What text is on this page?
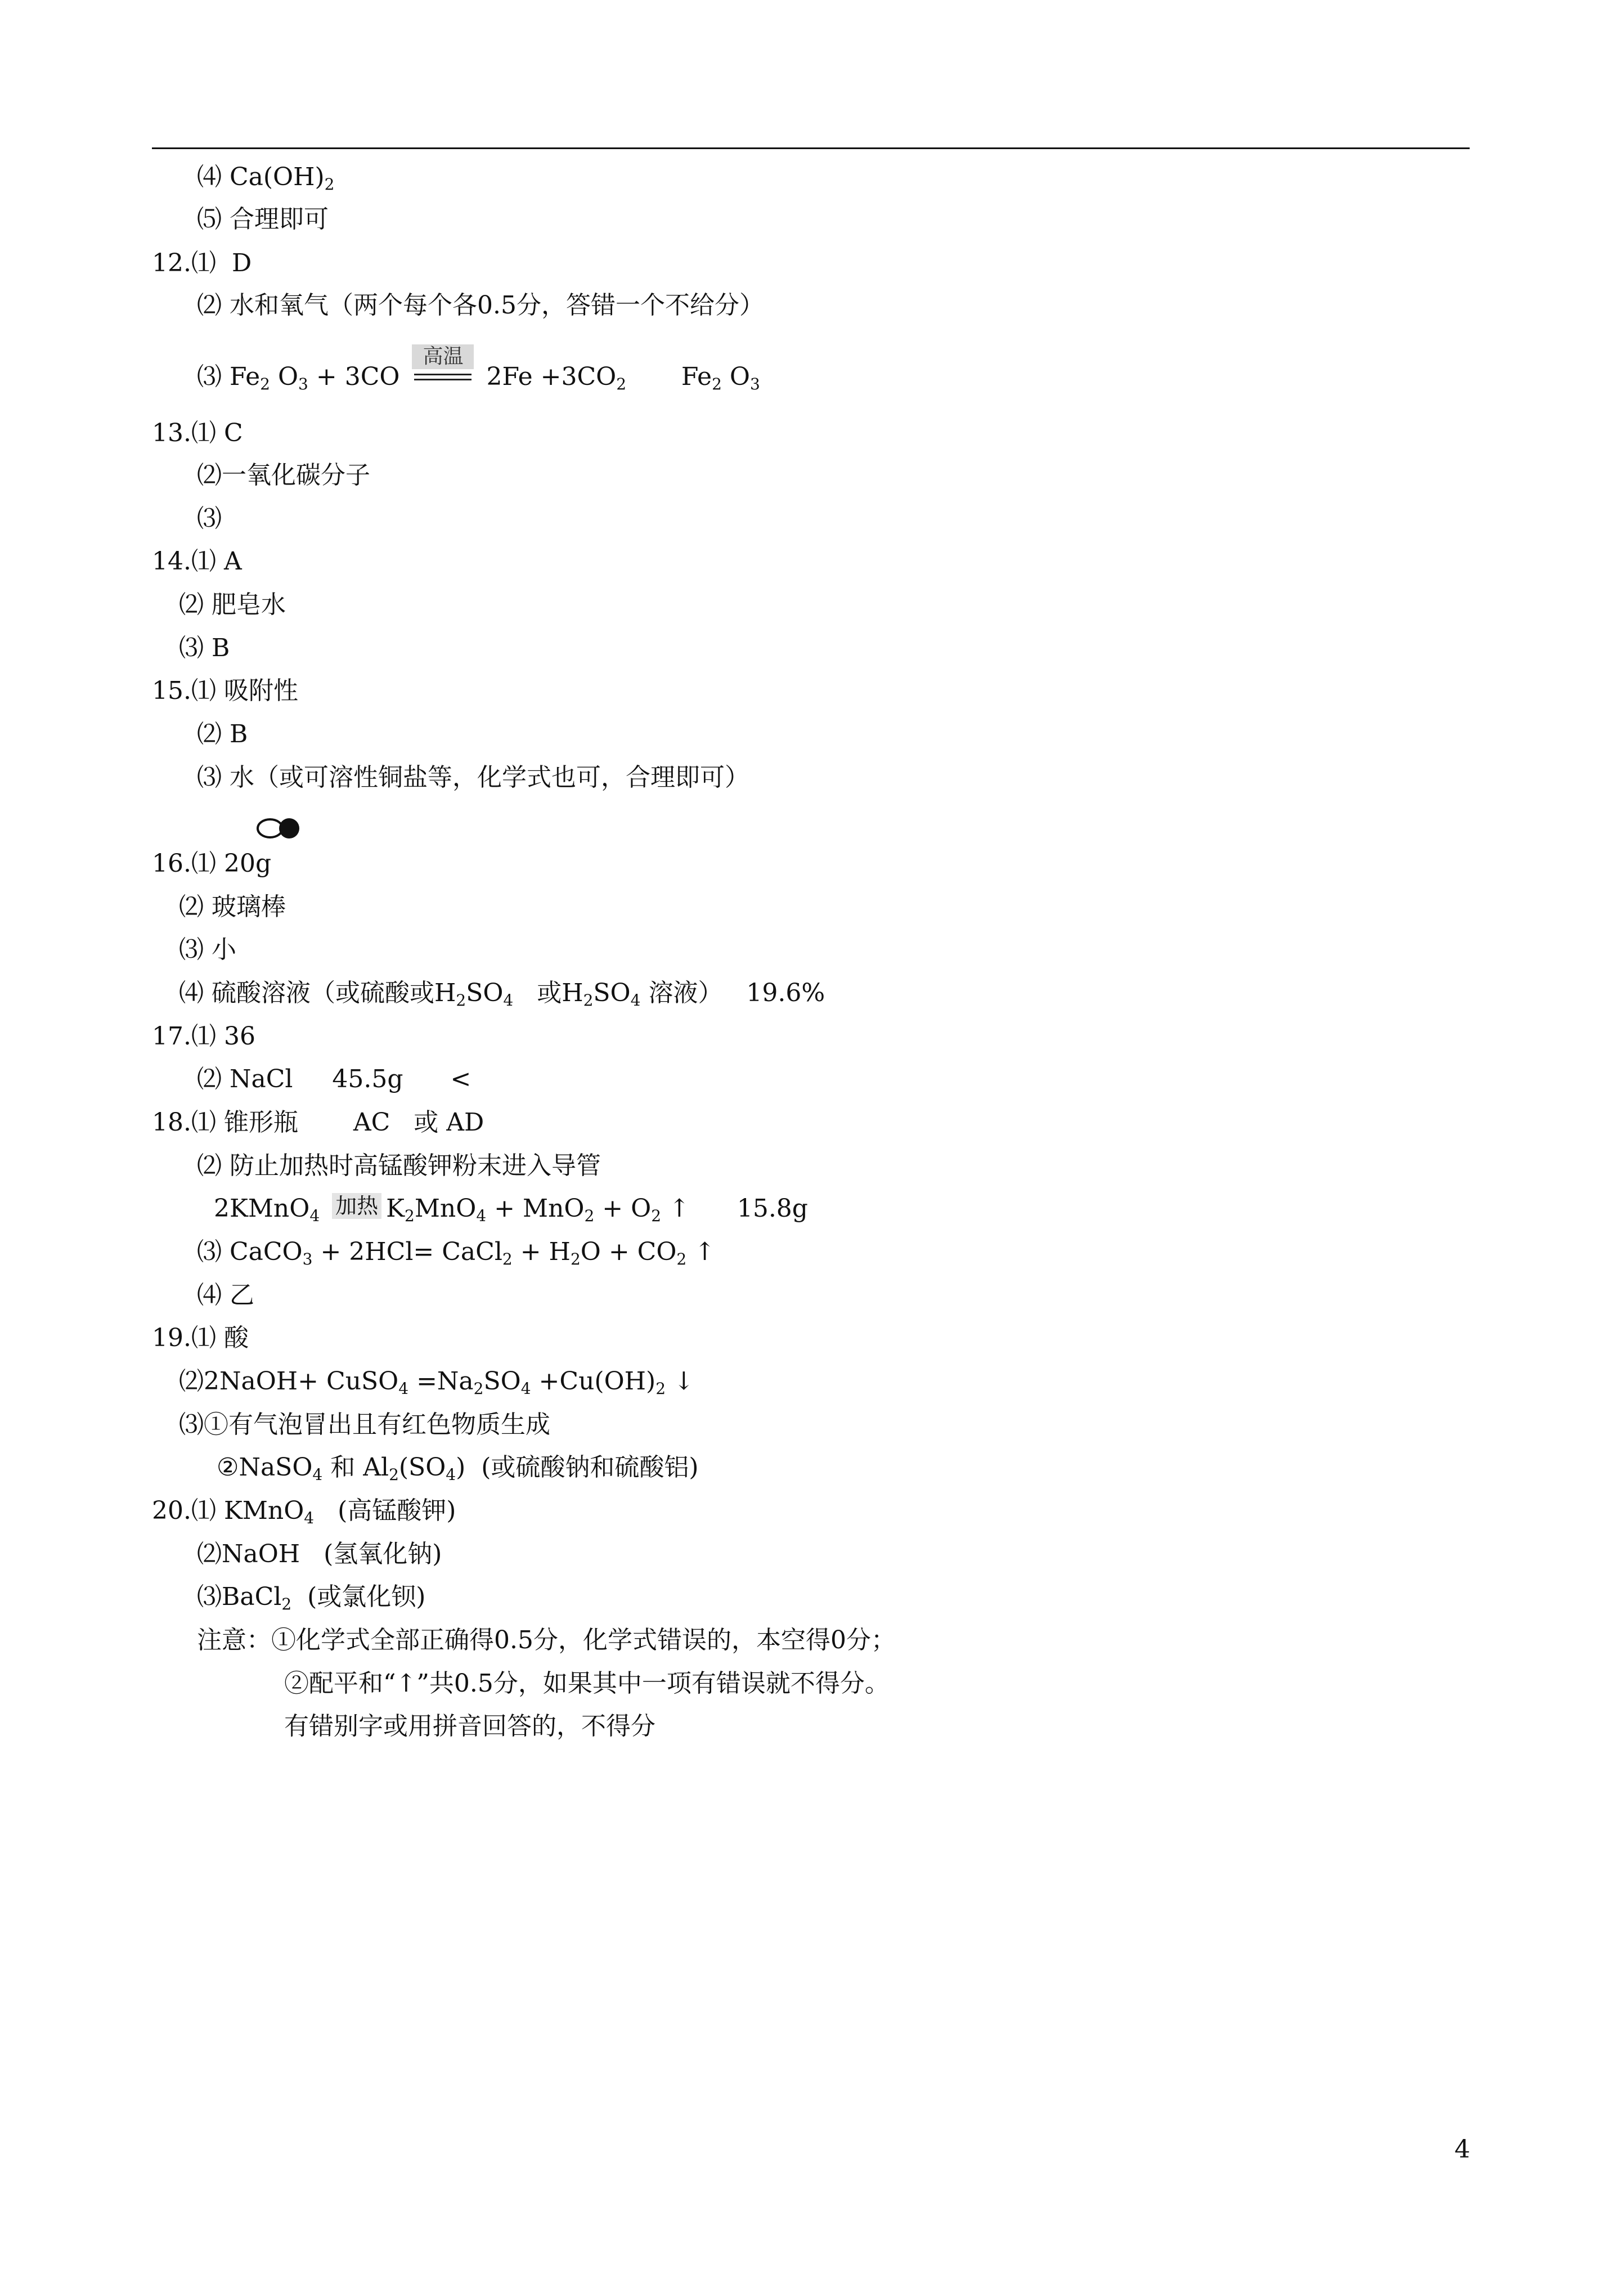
⑷ $Ca(OH)_2$
⑸ 合理即可
12.⑴  D
⑵ 水和氧气（两个每个各0.5分，答错一个不给分）
⑶ $Fe_2$ $O_3 + 3CO$
高温
$2Fe +3CO_2$       $Fe_2$ $O_3$
13.⑴ C
⑵一氧化碳分子
⑶
14.⑴ A
⑵ 肥皂水
⑶ B
15.⑴ 吸附性
⑵ B
⑶ 水（或可溶性铜盐等，化学式也可，合理即可）
16.⑴ 20g
⑵ 玻璃棒
⑶ 小
⑷ 硫酸溶液（或硫酸或$H_2SO_4$   或$H_2SO_4$ 溶液）   19.6%
17.⑴ 36
⑵ NaCl     45.5g      <
18.⑴ 锥形瓶       AC   或 AD
⑵ 防止加热时高锰酸钾粉末进入导管
2KMnO$_4$ 加热 $K_2MnO_4 + MnO_2 + O_2$ ↑      15.8g
⑶ CaCO$_3$ + 2HCl= CaCl$_2$ + $H_2O + CO_2$ ↑
⑷ 乙
19.⑴ 酸
⑵2NaOH+ CuSO$_4$ $=Na_2SO_4 +Cu(OH)_2$ ↓
⑶①有气泡冒出且有红色物质生成
②NaSO$_4$ 和 $Al_2(SO_4)$  (或硫酸钠和硫酸铝)
20.⑴ KMnO$_4$   (高锰酸钾)
⑵NaOH   (氢氧化钠)
⑶BaCl$_2$  (或氯化钡)
注意：①化学式全部正确得0.5分，化学式错误的，本空得0分；
②配平和“↑”共0.5分，如果其中一项有错误就不得分。
有错别字或用拼音回答的，不得分
4
